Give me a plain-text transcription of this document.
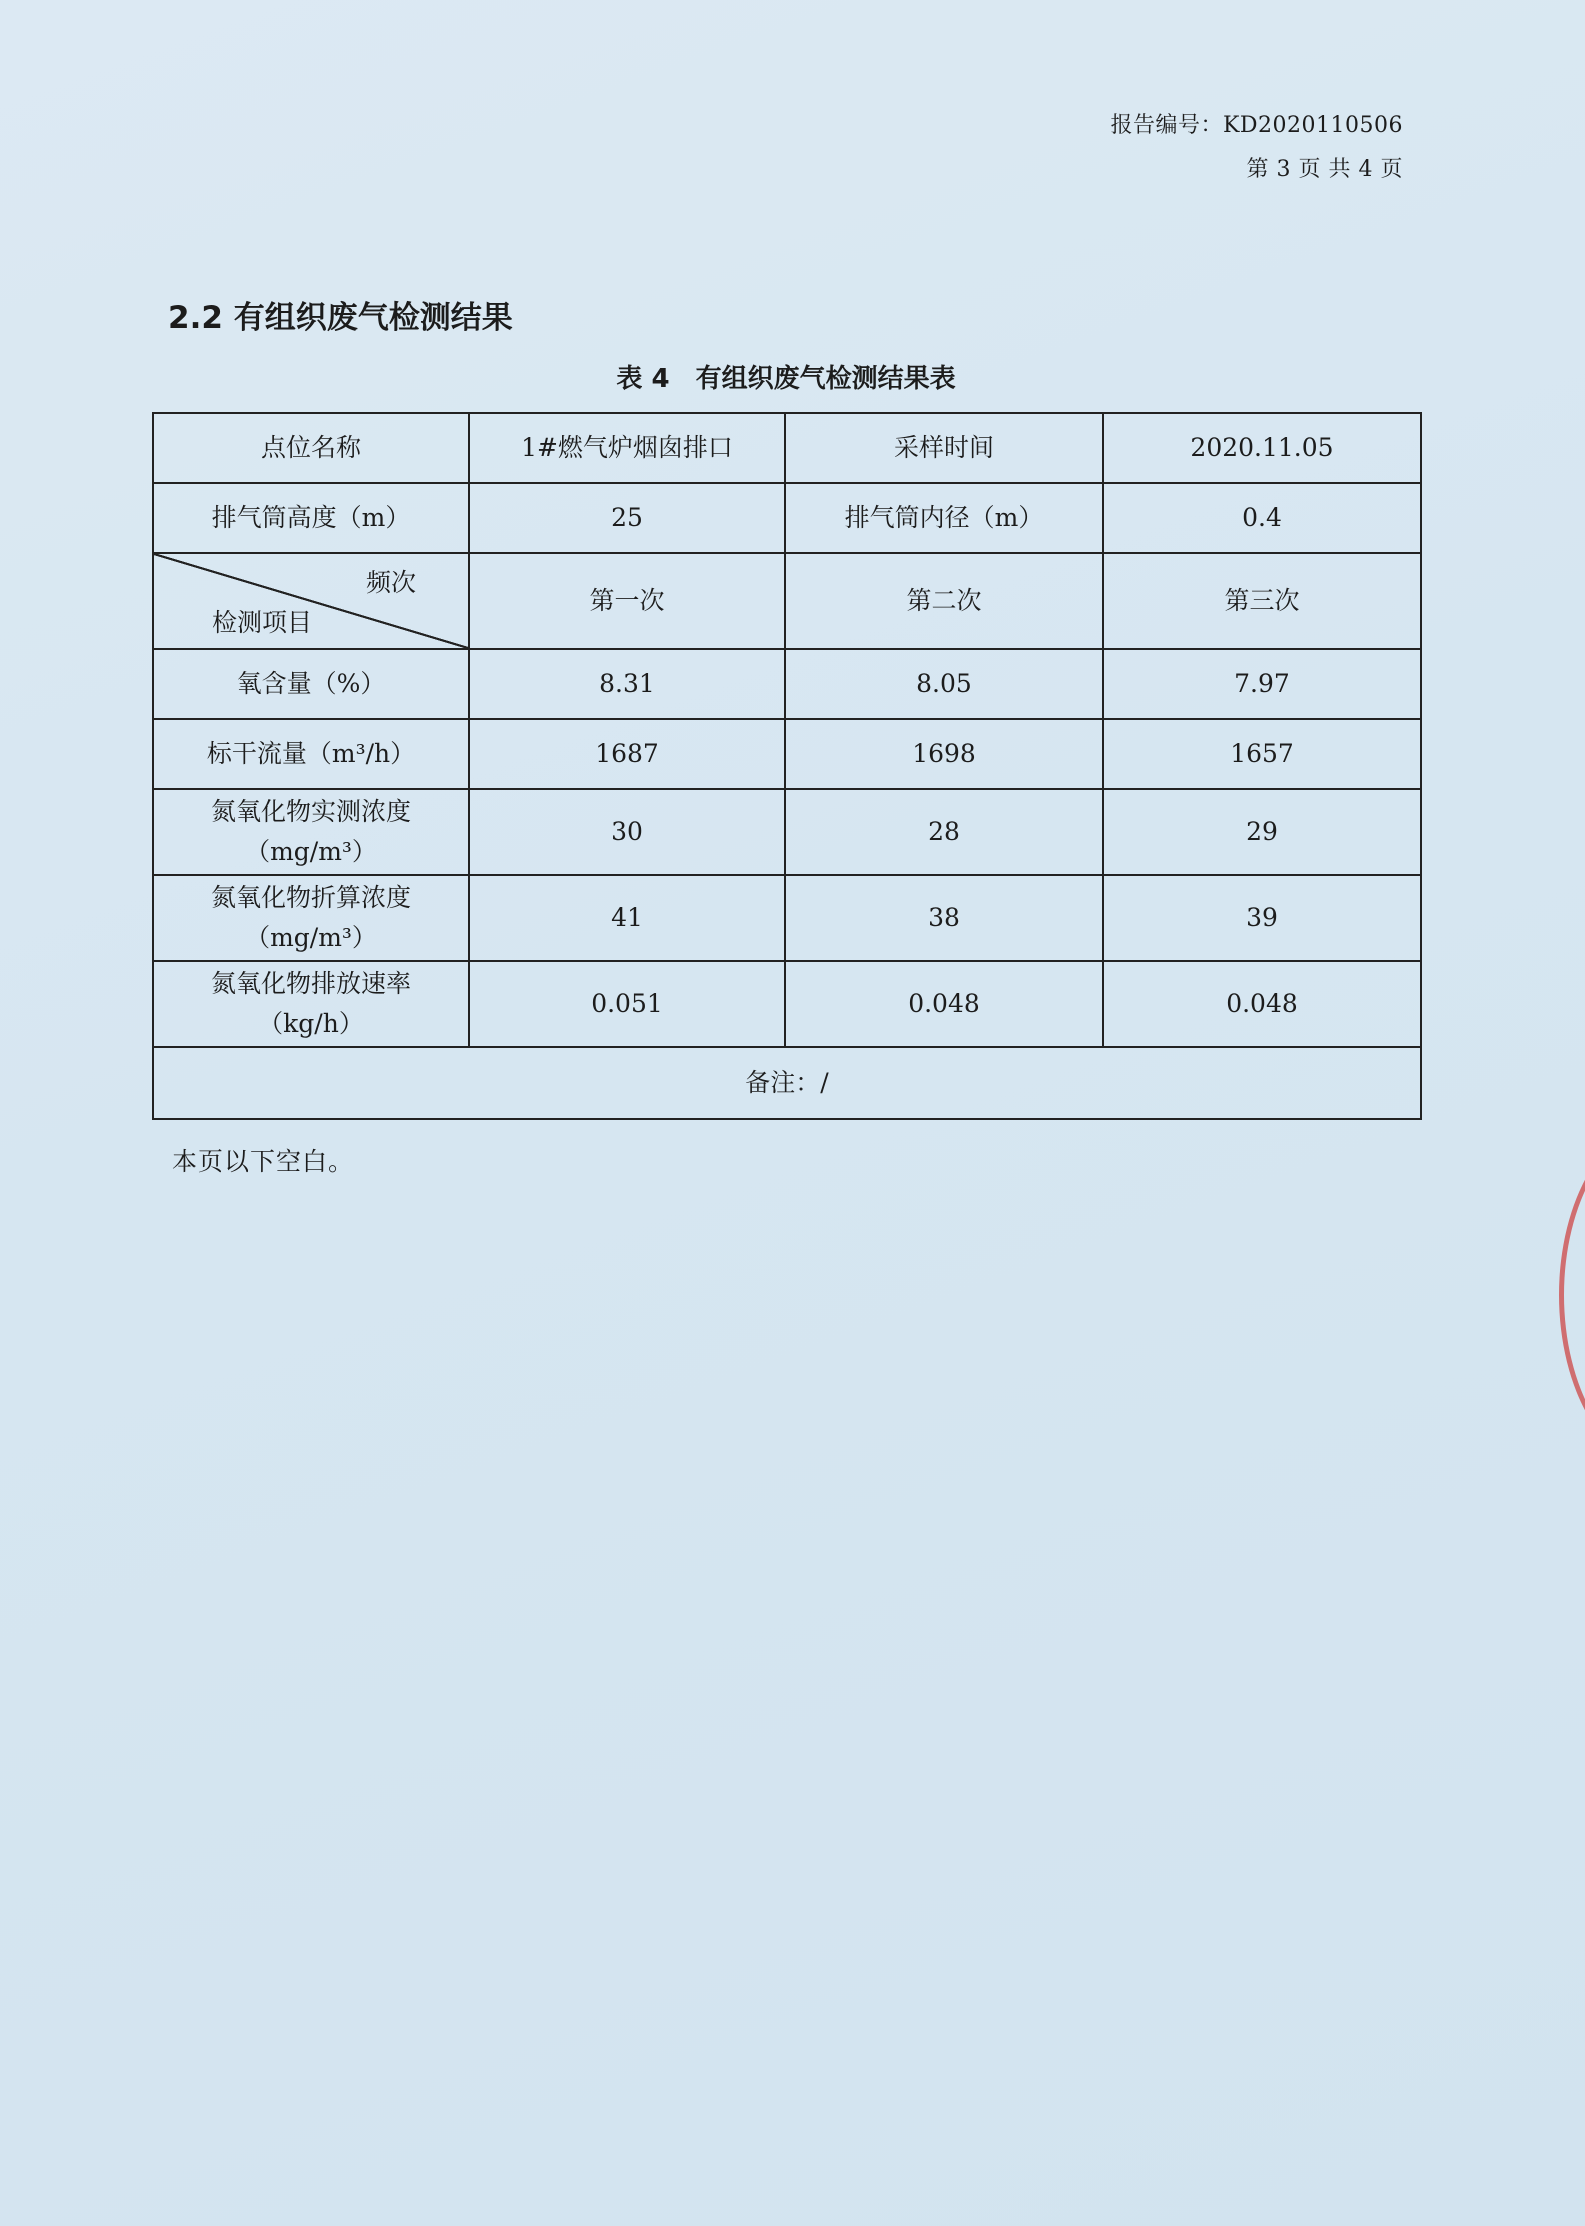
报告编号：KD2020110506
第 3 页 共 4 页
2.2 有组织废气检测结果
表 4 有组织废气检测结果表
点位名称	1#燃气炉烟囱排口	采样时间	2020.11.05
排气筒高度（m）	25	排气筒内径（m）	0.4

频次
检测项目	第一次	第二次	第三次
氧含量（%）	8.31	8.05	7.97
标干流量（m³/h）	1687	1698	1657

氮氧化物实测浓度
（mg/m³）	30	28	29

氮氧化物折算浓度
（mg/m³）	41	38	39

氮氧化物排放速率
（kg/h）	0.051	0.048	0.048
备注：/			
本页以下空白。
